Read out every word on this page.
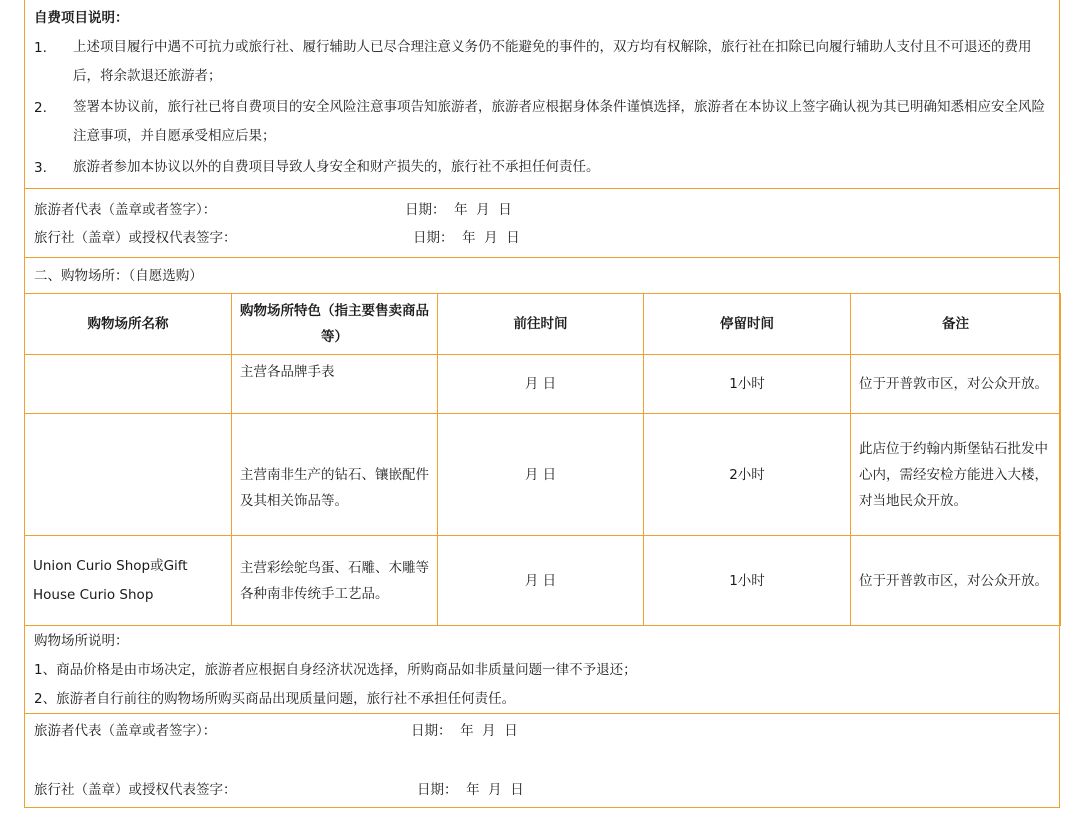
自费项目说明：
1. 上述项目履行中遇不可抗力或旅行社、履行辅助人已尽合理注意义务仍不能避免的事件的，双方均有权解除，旅行社在扣除已向履行辅助人支付且不可退还的费用后，将余款退还旅游者；
2. 签署本协议前，旅行社已将自费项目的安全风险注意事项告知旅游者，旅游者应根据身体条件谨慎选择，旅游者在本协议上签字确认视为其已明确知悉相应安全风险注意事项，并自愿承受相应后果；
3. 旅游者参加本协议以外的自费项目导致人身安全和财产损失的，旅行社不承担任何责任。
旅游者代表（盖章或者签字）：	日期：  年  月  日
旅行社（盖章）或授权代表签字：	日期：  年  月  日
二、购物场所：（自愿选购）
购物场所名称	购物场所特色（指主要售卖商品等）	前往时间	停留时间	备注
	主营各品牌手表	月 日	1小时	位于开普敦市区，对公众开放。
	主营南非生产的钻石、镶嵌配件及其相关饰品等。	月 日	2小时	此店位于约翰内斯堡钻石批发中心内，需经安检方能进入大楼，对当地民众开放。
Union Curio Shop或Gift House Curio Shop	主营彩绘鸵鸟蛋、石雕、木雕等各种南非传统手工艺品。	月 日	1小时	位于开普敦市区，对公众开放。
购物场所说明：
1、商品价格是由市场决定，旅游者应根据自身经济状况选择，所购商品如非质量问题一律不予退还；
2、旅游者自行前往的购物场所购买商品出现质量问题，旅行社不承担任何责任。
旅游者代表（盖章或者签字）：	日期：  年  月  日
旅行社（盖章）或授权代表签字：	日期：  年  月  日
